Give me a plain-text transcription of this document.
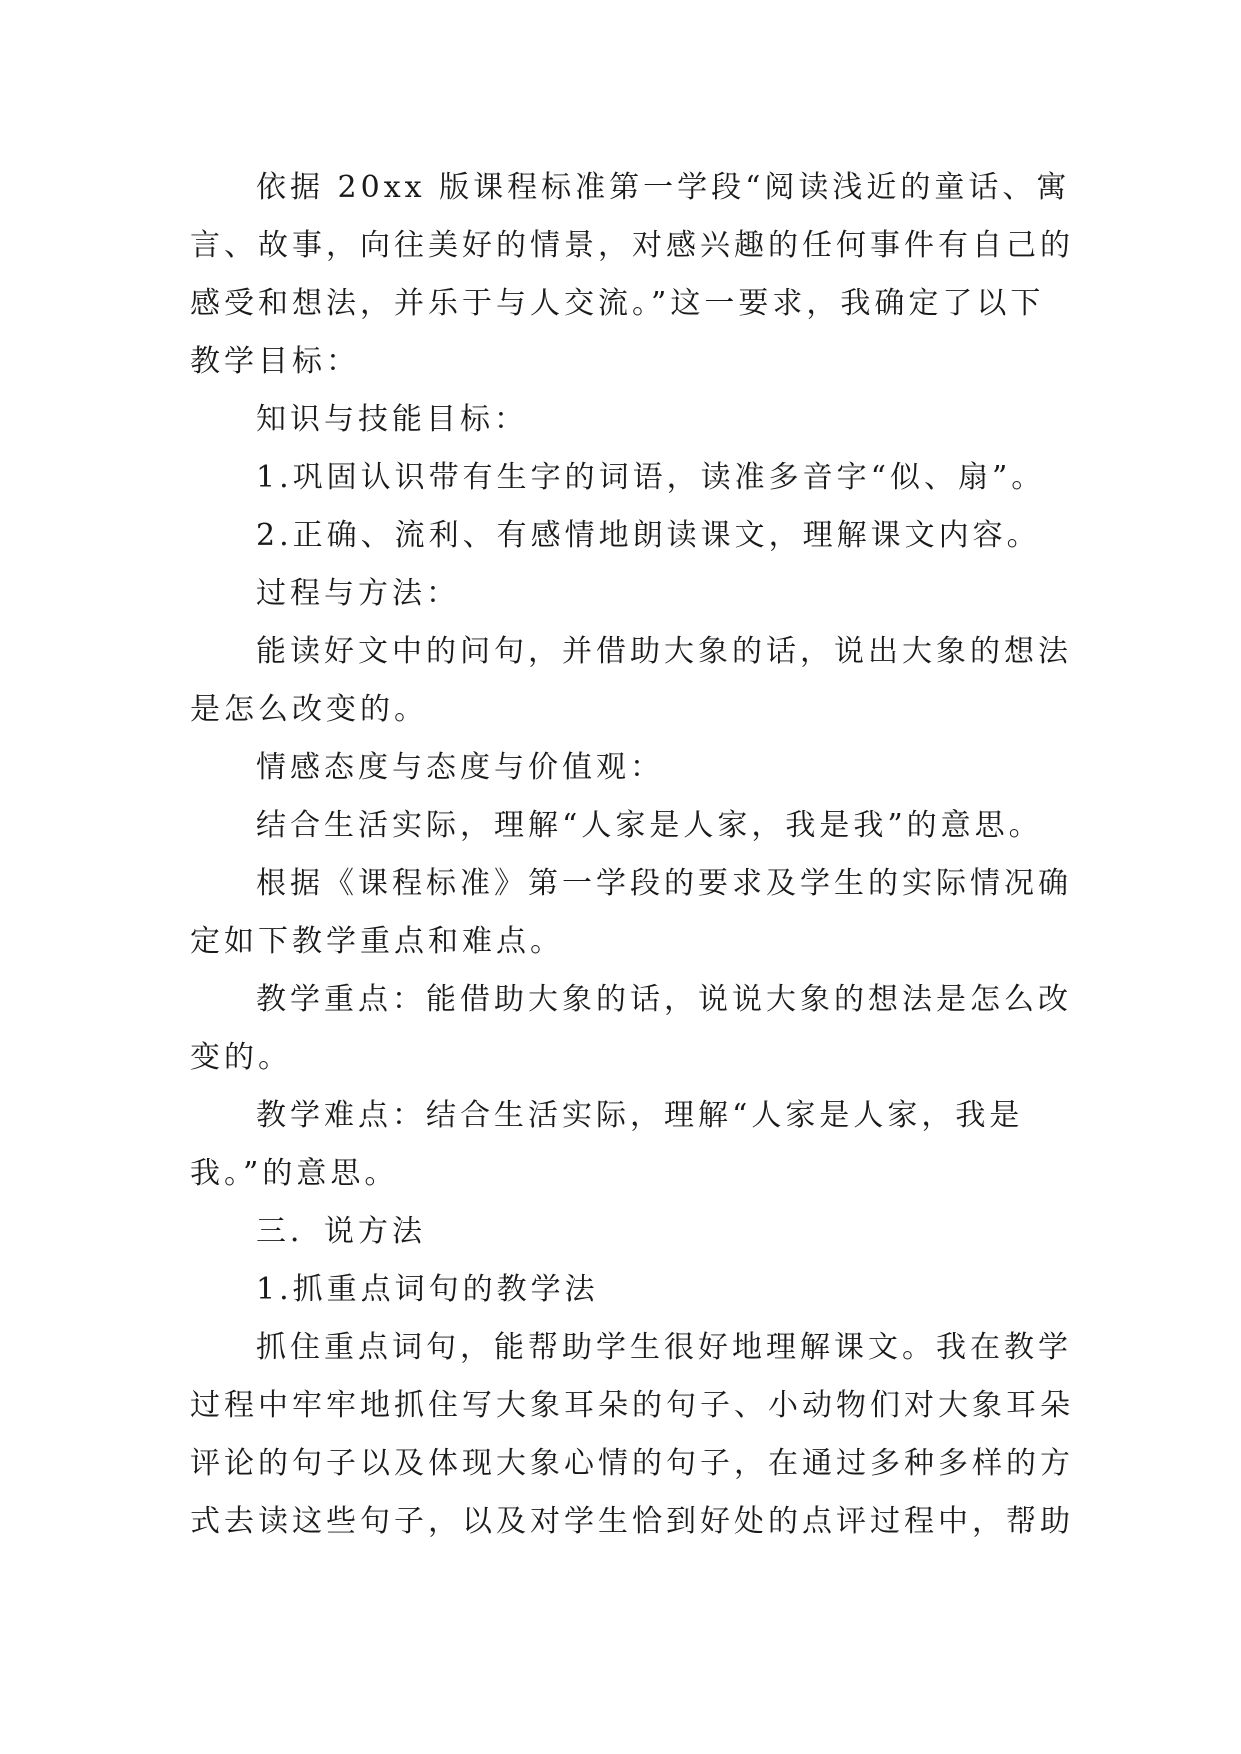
依据 20xx 版课程标准第一学段“阅读浅近的童话、寓

言、故事，向往美好的情景，对感兴趣的任何事件有自己的

感受和想法，并乐于与人交流。”这一要求，我确定了以下

教学目标：

知识与技能目标：

1.巩固认识带有生字的词语，读准多音字“似、扇”。

2.正确、流利、有感情地朗读课文，理解课文内容。

过程与方法：

能读好文中的问句，并借助大象的话，说出大象的想法

是怎么改变的。

情感态度与态度与价值观：

结合生活实际，理解“人家是人家，我是我”的意思。

根据《课程标准》第一学段的要求及学生的实际情况确

定如下教学重点和难点。

教学重点：能借助大象的话，说说大象的想法是怎么改

变的。

教学难点：结合生活实际，理解“人家是人家，我是

我。”的意思。

三．说方法

1.抓重点词句的教学法

抓住重点词句，能帮助学生很好地理解课文。我在教学

过程中牢牢地抓住写大象耳朵的句子、小动物们对大象耳朵

评论的句子以及体现大象心情的句子，在通过多种多样的方

式去读这些句子，以及对学生恰到好处的点评过程中，帮助
